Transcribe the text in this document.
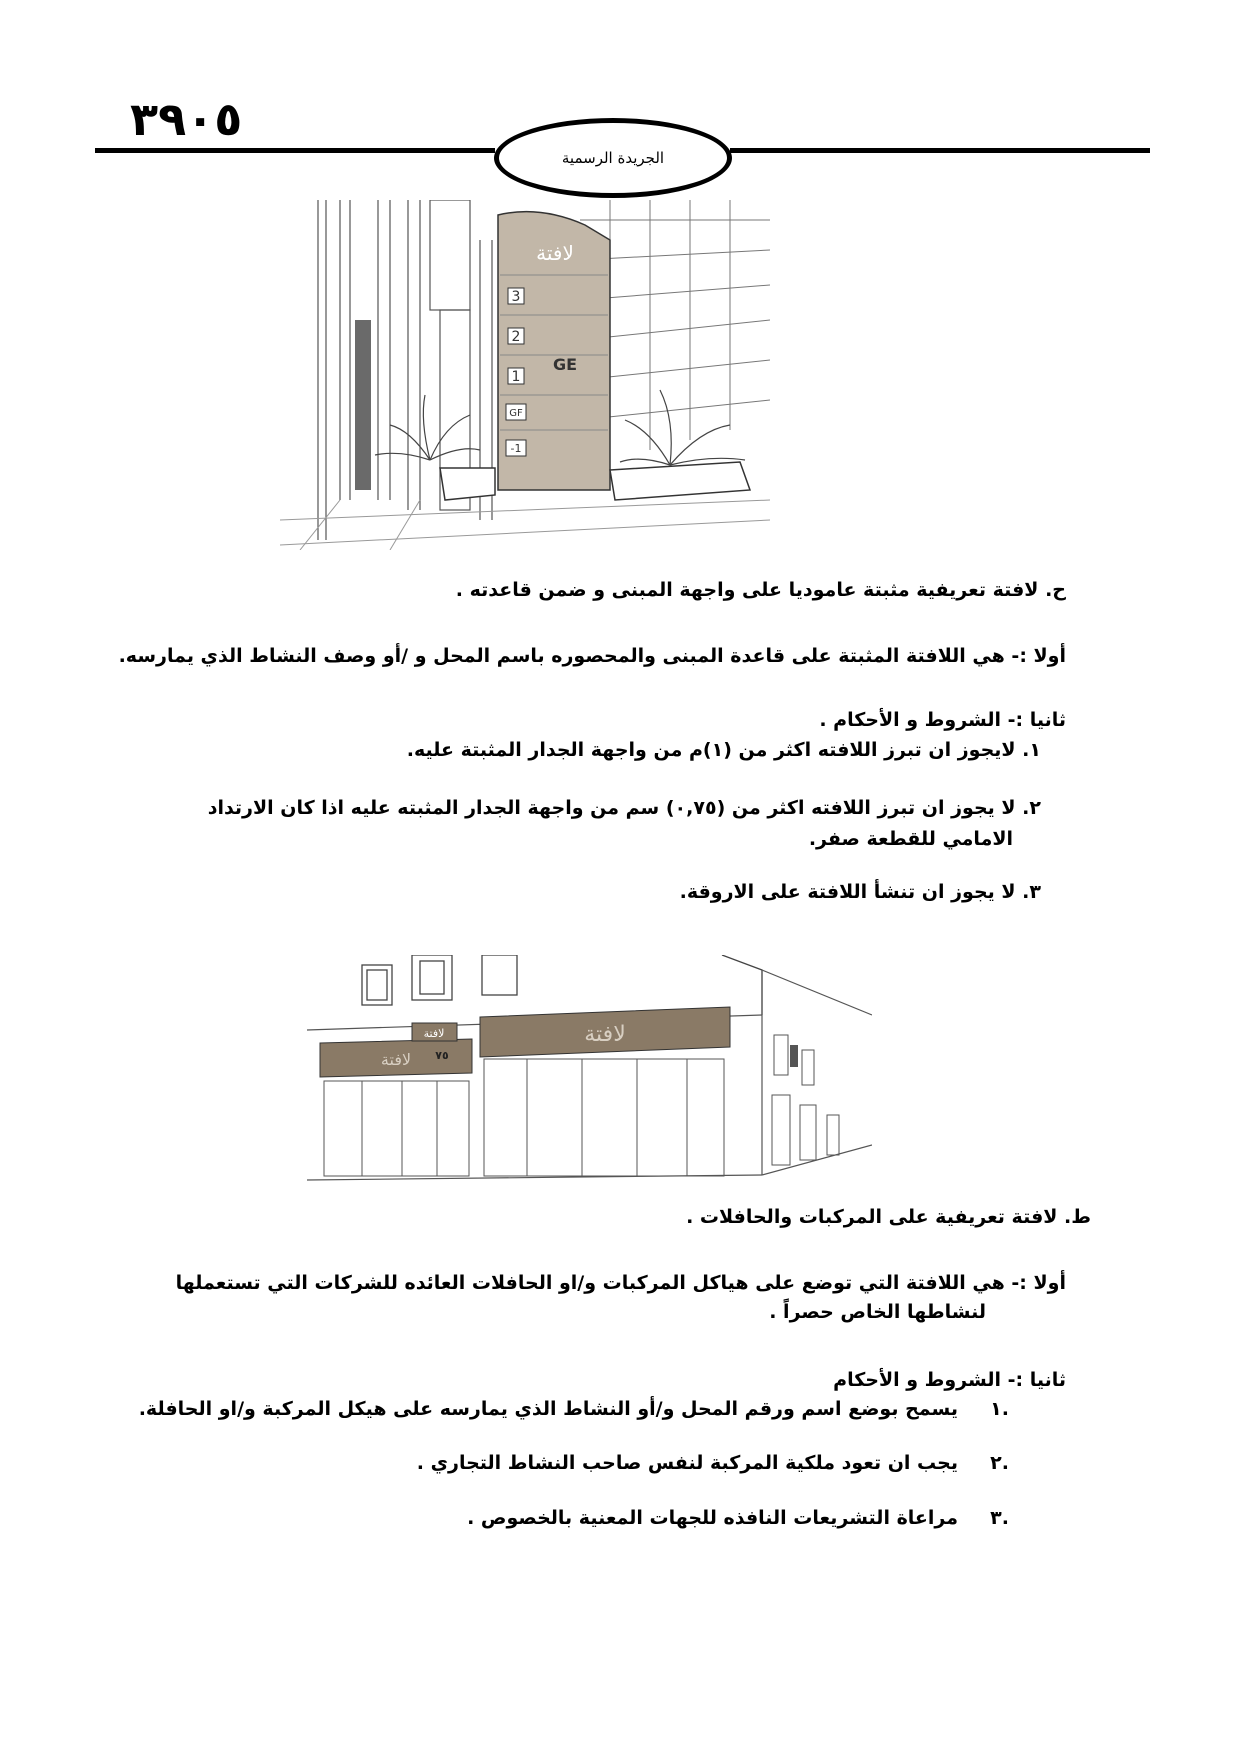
٣٩٠٥
الجريدة الرسمية
لافتة
3
2
1
GF
-1
GE
ح. لافتة تعريفية مثبتة عاموديا على واجهة المبنى و ضمن قاعدته .
أولا :- هي اللافتة المثبتة على قاعدة المبنى والمحصوره باسم المحل و /أو وصف النشاط الذي يمارسه.
ثانيا :- الشروط و الأحكام .
١. لايجوز ان تبرز اللافته اكثر من (١)م من واجهة الجدار المثبتة عليه.
٢. لا يجوز ان تبرز اللافته اكثر من (٠,٧٥) سم من واجهة الجدار المثبته عليه اذا كان الارتداد
الامامي للقطعة صفر.
٣. لا يجوز ان تنشأ اللافتة على الاروقة.
لافتة
لافتة
٧٥
لافتة
ط. لافتة تعريفية على المركبات والحافلات .
أولا :- هي اللافتة التي توضع على هياكل المركبات و/او الحافلات العائده للشركات التي تستعملها
لنشاطها الخاص حصراً .
ثانيا :- الشروط و الأحكام
.١
يسمح بوضع اسم ورقم المحل و/أو النشاط الذي يمارسه على هيكل المركبة و/او الحافلة.
.٢
يجب ان تعود ملكية المركبة لنفس صاحب النشاط التجاري .
.٣
مراعاة التشريعات النافذه للجهات المعنية بالخصوص .
